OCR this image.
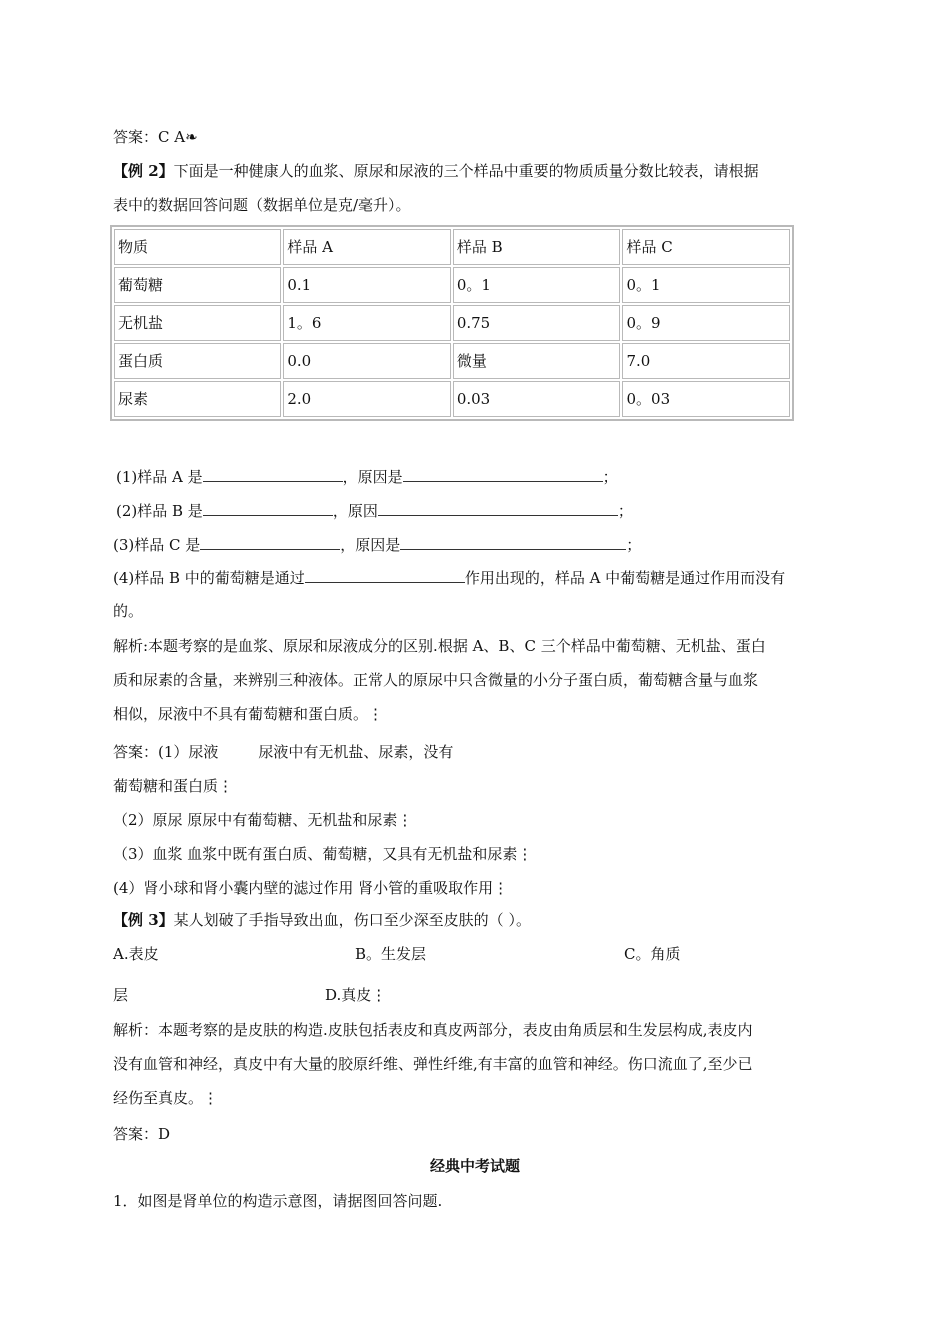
答案：C A❧
【例 2】下面是一种健康人的血浆、原尿和尿液的三个样品中重要的物质质量分数比较表，请根据
表中的数据回答问题（数据单位是克/毫升）。
物质	样品 A	样品 B	样品 C
葡萄糖	0.1	0。1	0。1
无机盐	1。6	0.75	0。9
蛋白质	0.0	微量	7.0
尿素	2.0	0.03	0。03
(1)样品 A 是	，原因是	；
(2)样品 B 是	，原因	；
(3)样品 C 是	，原因是	；
(4)样品 B 中的葡萄糖是通过	作用出现的，样品 A 中葡萄糖是通过作用而没有
的。
解析:本题考察的是血浆、原尿和尿液成分的区别.根据 A、B、C 三个样品中葡萄糖、无机盐、蛋白
质和尿素的含量，来辨别三种液体。正常人的原尿中只含微量的小分子蛋白质，葡萄糖含量与血浆
相似，尿液中不具有葡萄糖和蛋白质。⋮
答案：(1）尿液	尿液中有无机盐、尿素，没有
葡萄糖和蛋白质⋮
（2）原尿 原尿中有葡萄糖、无机盐和尿素⋮
（3）血浆 血浆中既有蛋白质、葡萄糖，又具有无机盐和尿素⋮
(4）肾小球和肾小囊内壁的滤过作用 肾小管的重吸取作用⋮
【例 3】某人划破了手指导致出血，伤口至少深至皮肤的（ ）。
A.表皮	B。生发层	C。角质
层	D.真皮⋮
解析：本题考察的是皮肤的构造.皮肤包括表皮和真皮两部分，表皮由角质层和生发层构成,表皮内
没有血管和神经，真皮中有大量的胶原纤维、弹性纤维,有丰富的血管和神经。伤口流血了,至少已
经伤至真皮。⋮
答案：D
经典中考试题
1．如图是肾单位的构造示意图，请据图回答问题.
